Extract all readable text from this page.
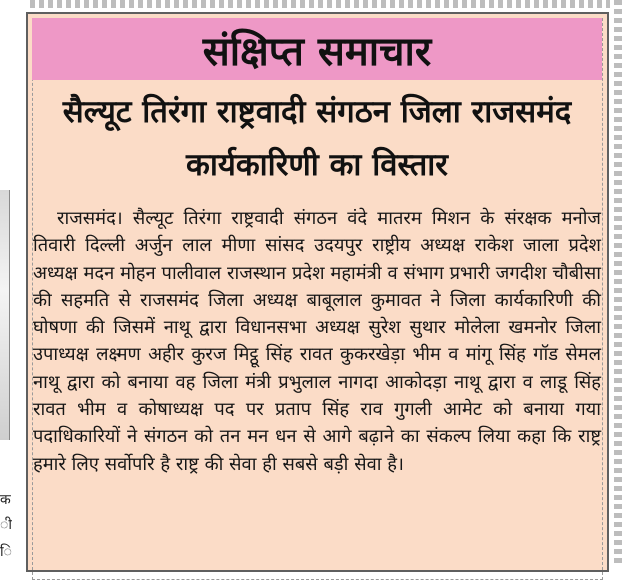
क
ी
ि
संक्षिप्त समाचार
सैल्यूट तिरंगा राष्ट्रवादी संगठन जिला राजसमंद
कार्यकारिणी का विस्तार
राजसमंद। सैल्यूट तिरंगा राष्ट्रवादी संगठन वंदे मातरम मिशन के संरक्षक मनोज तिवारी दिल्ली अर्जुन लाल मीणा सांसद उदयपुर राष्ट्रीय अध्यक्ष राकेश जाला प्रदेश अध्यक्ष मदन मोहन पालीवाल राजस्थान प्रदेश महामंत्री व संभाग प्रभारी जगदीश चौबीसा की सहमति से राजसमंद जिला अध्यक्ष बाबूलाल कुमावत ने जिला कार्यकारिणी की घोषणा की जिसमें नाथू द्वारा विधानसभा अध्यक्ष सुरेश सुथार मोलेला खमनोर जिला उपाध्यक्ष लक्ष्मण अहीर कुरज मिट्ठू सिंह रावत कुकरखेड़ा भीम व मांगू सिंह गॉड सेमल नाथू द्वारा को बनाया वह जिला मंत्री प्रभुलाल नागदा आकोदड़ा नाथू द्वारा व लाडू सिंह रावत भीम व कोषाध्यक्ष पद पर प्रताप सिंह राव गुगली आमेट को बनाया गया पदाधिकारियों ने संगठन को तन मन धन से आगे बढ़ाने का संकल्प लिया कहा कि राष्ट्र हमारे लिए सर्वोपरि है राष्ट्र की सेवा ही सबसे बड़ी सेवा है।
